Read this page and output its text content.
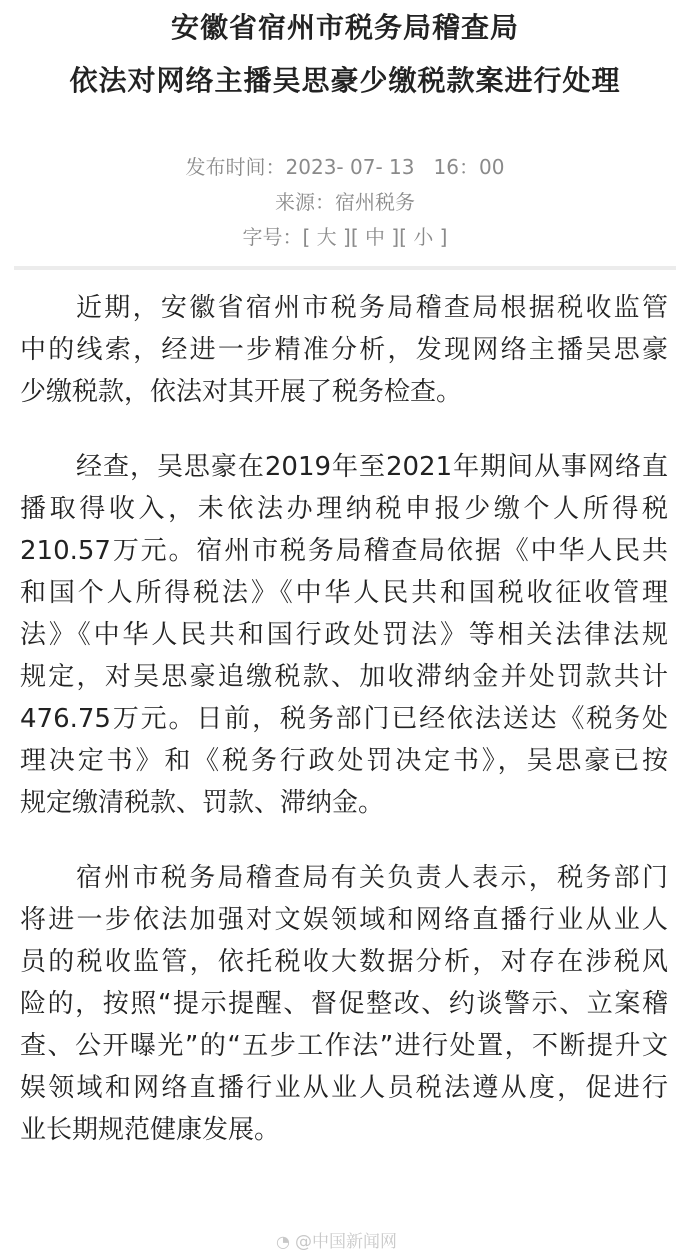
安徽省宿州市税务局稽查局
依法对网络主播吴思豪少缴税款案进行处理
发布时间：2023- 07- 13   16：00
来源：宿州税务
字号：[ 大 ][ 中 ][ 小 ]
近期，安徽省宿州市税务局稽查局根据税收监管
中的线索，经进一步精准分析，发现网络主播吴思豪
少缴税款，依法对其开展了税务检查。
经查，吴思豪在2019年至2021年期间从事网络直
播取得收入，未依法办理纳税申报少缴个人所得税
210.57万元。宿州市税务局稽查局依据《中华人民共
和国个人所得税法》《中华人民共和国税收征收管理
法》《中华人民共和国行政处罚法》等相关法律法规
规定，对吴思豪追缴税款、加收滞纳金并处罚款共计
476.75万元。日前，税务部门已经依法送达《税务处
理决定书》和《税务行政处罚决定书》，吴思豪已按
规定缴清税款、罚款、滞纳金。
宿州市税务局稽查局有关负责人表示，税务部门
将进一步依法加强对文娱领域和网络直播行业从业人
员的税收监管，依托税收大数据分析，对存在涉税风
险的，按照“提示提醒、督促整改、约谈警示、立案稽
查、公开曝光”的“五步工作法”进行处置，不断提升文
娱领域和网络直播行业从业人员税法遵从度，促进行
业长期规范健康发展。
◔ @中国新闻网
